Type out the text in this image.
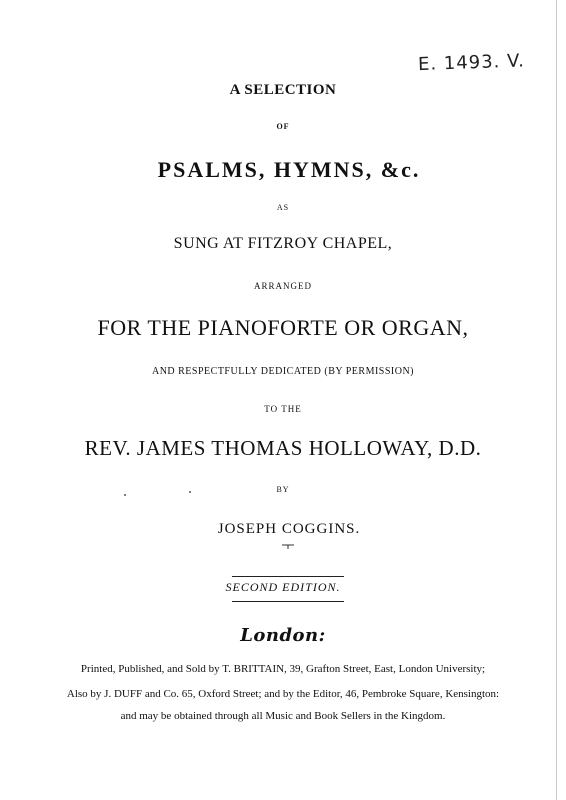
E. 1493. V.
A SELECTION
OF
PSALMS, HYMNS, &c.
AS
SUNG AT FITZROY CHAPEL,
ARRANGED
FOR THE PIANOFORTE OR ORGAN,
AND RESPECTFULLY DEDICATED (BY PERMISSION)
TO THE
REV. JAMES THOMAS HOLLOWAY, D.D.
BY
JOSEPH COGGINS.
SECOND EDITION.
London:
Printed, Published, and Sold by T. BRITTAIN, 39, Grafton Street, East, London University;
Also by J. DUFF and Co. 65, Oxford Street; and by the Editor, 46, Pembroke Square, Kensington:
and may be obtained through all Music and Book Sellers in the Kingdom.
